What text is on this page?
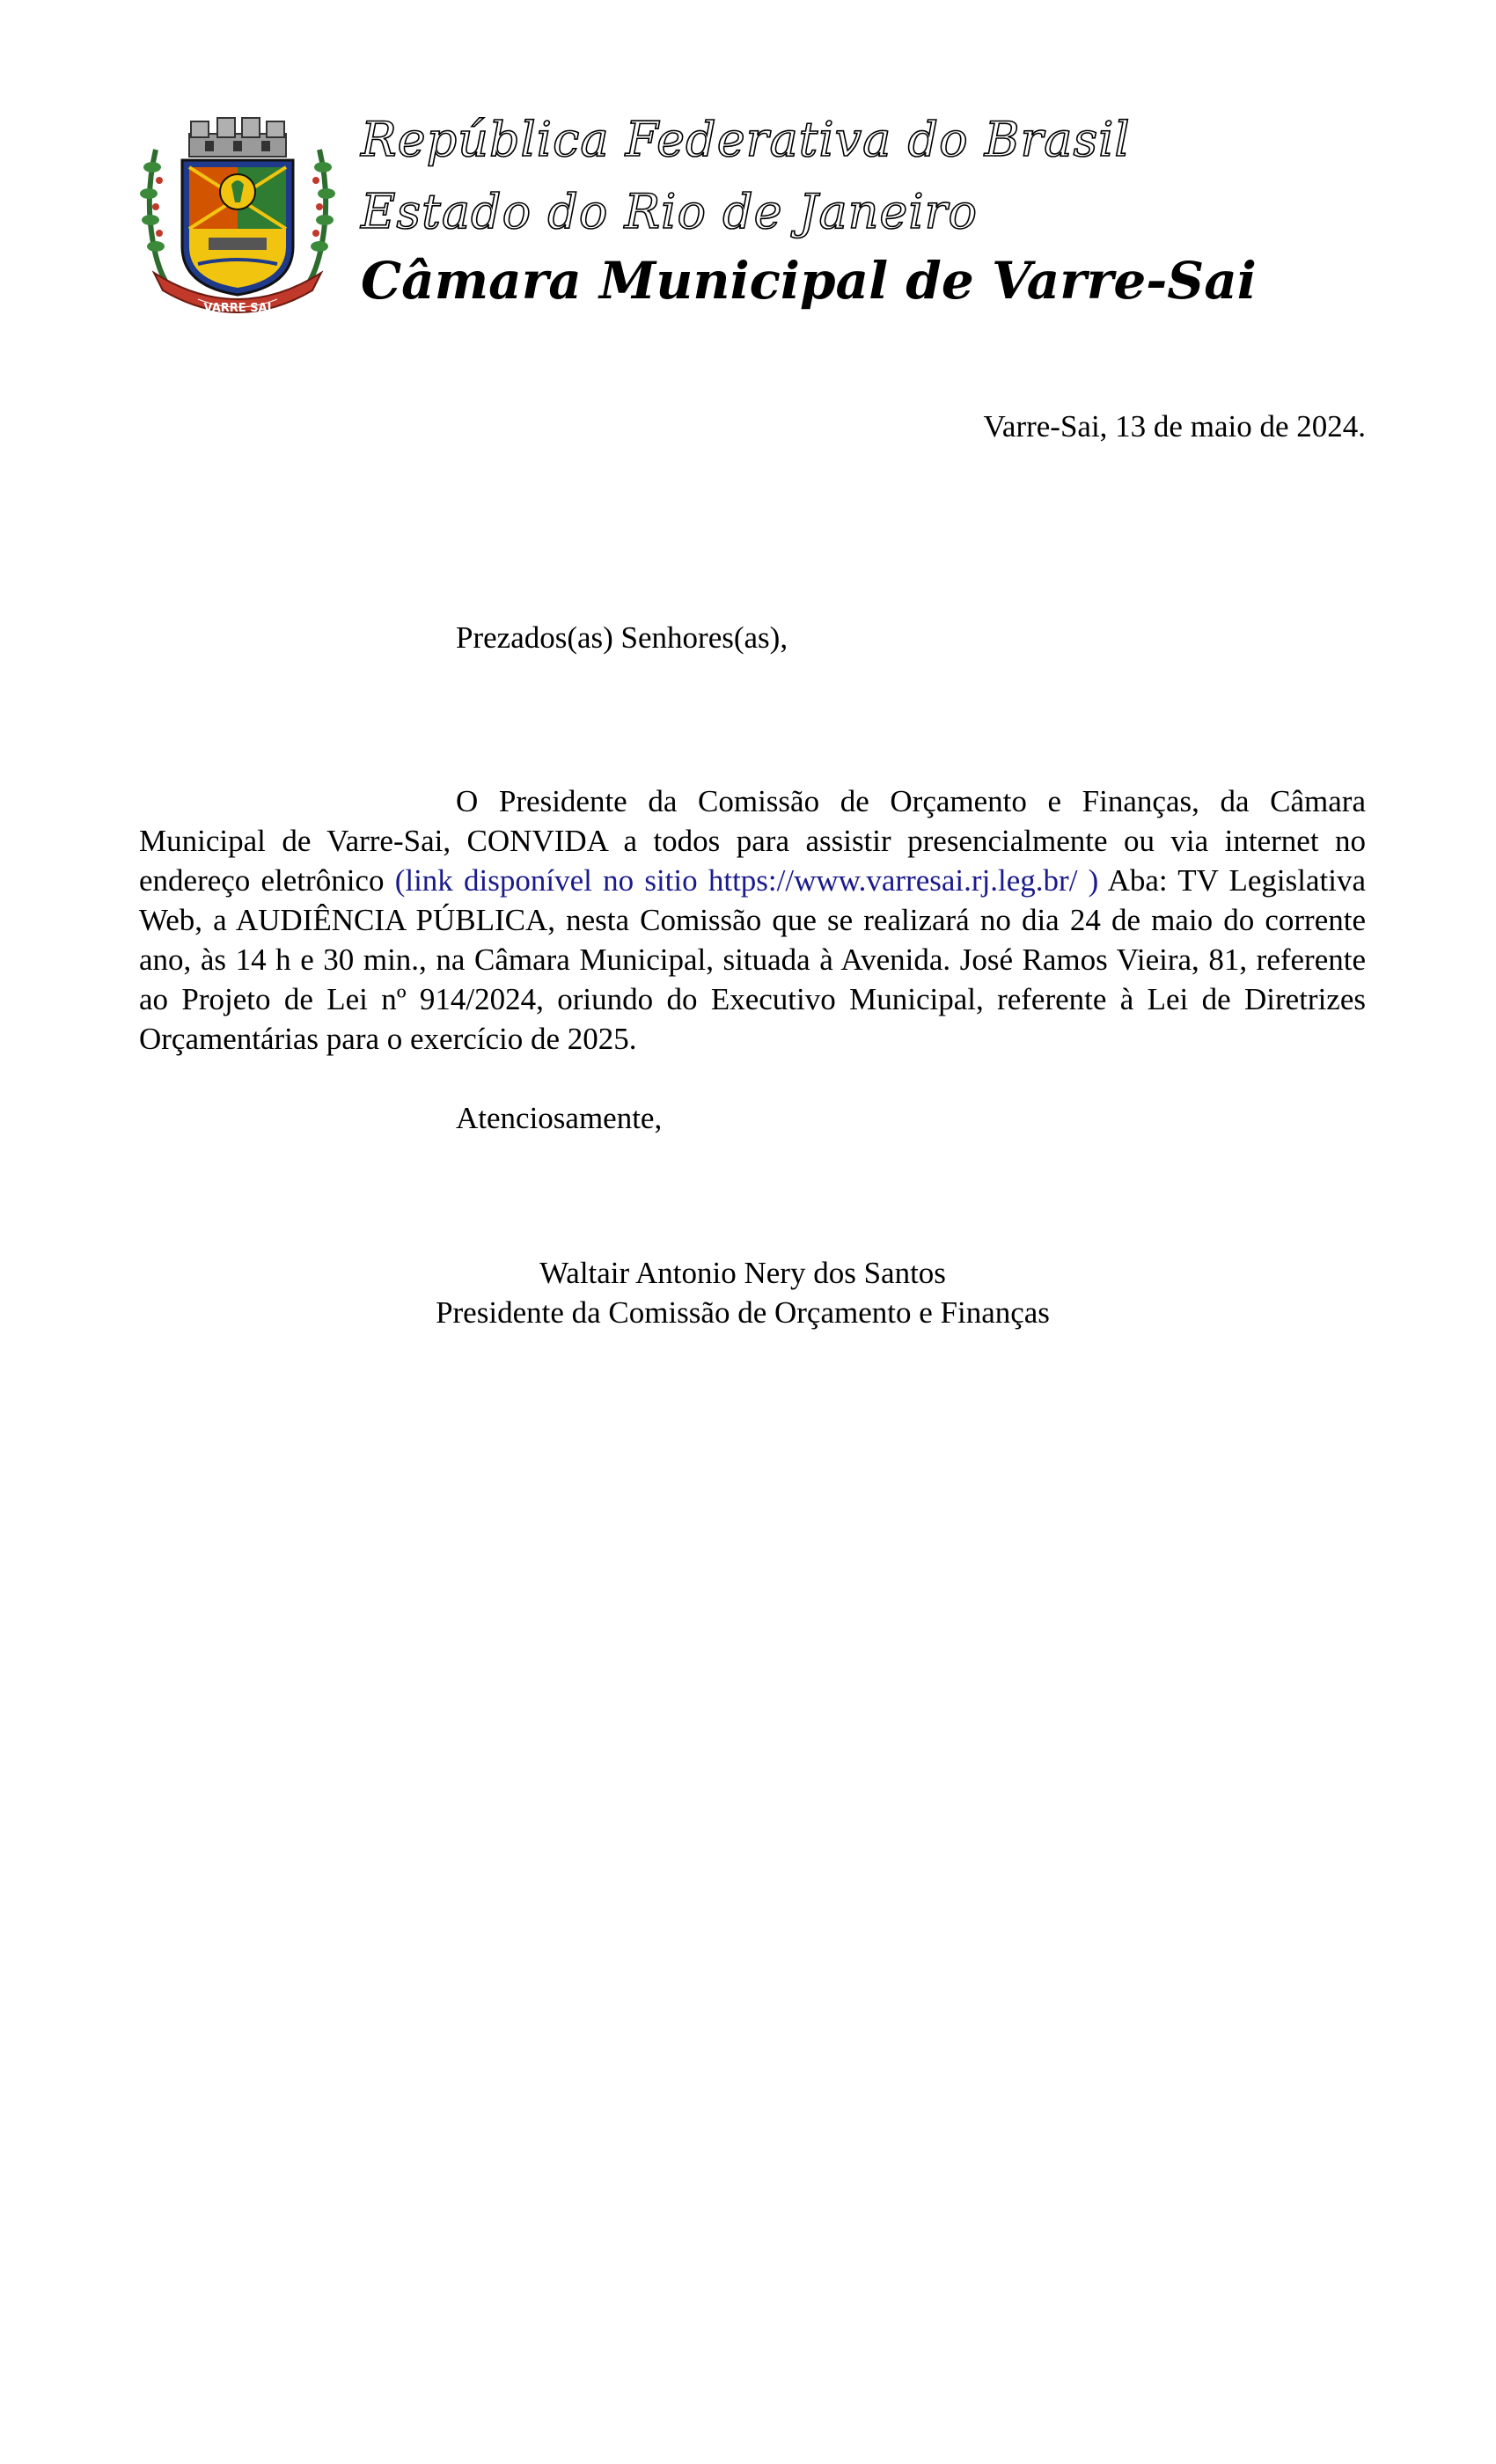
VARRE SAI
República Federativa do Brasil
Estado do Rio de Janeiro
Câmara Municipal de Varre-Sai
Varre-Sai, 13 de maio de 2024.
Prezados(as) Senhores(as),

O Presidente da Comissão de Orçamento e Finanças, da Câmara Municipal de Varre-Sai, CONVIDA a todos para assistir presencialmente ou via internet no endereço eletrônico (link disponível no sitio https://www.varresai.rj.leg.br/ ) Aba: TV Legislativa Web, a AUDIÊNCIA PÚBLICA, nesta Comissão que se realizará no dia 24 de maio do corrente ano, às 14 h e 30 min., na Câmara Municipal, situada à Avenida. José Ramos Vieira, 81, referente ao Projeto de Lei nº 914/2024, oriundo do Executivo Municipal, referente à Lei de Diretrizes Orçamentárias para o exercício de 2025.

Atenciosamente,
Waltair Antonio Nery dos Santos
Presidente da Comissão de Orçamento e Finanças
